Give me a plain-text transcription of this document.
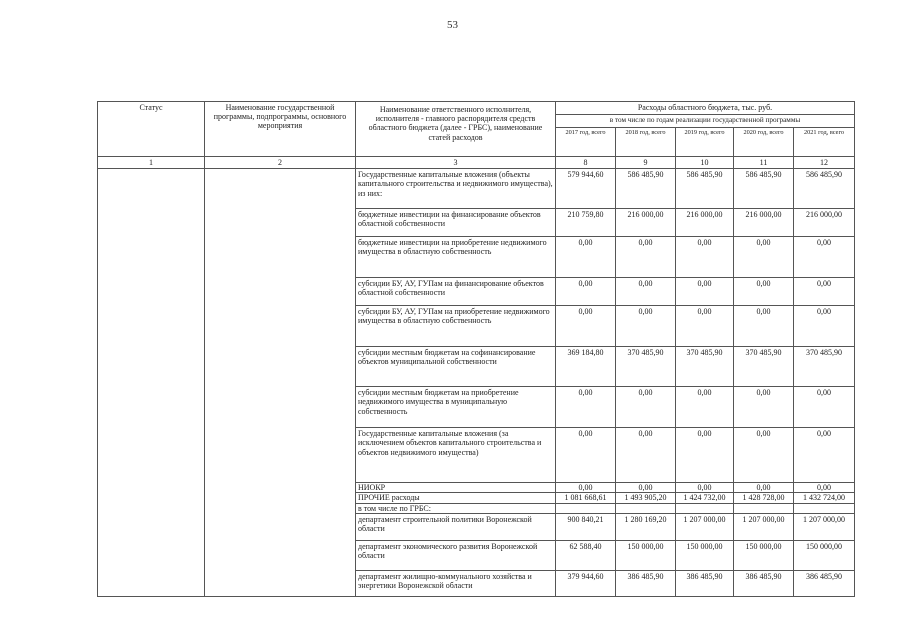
53
Статус	Наименование государственной программы, подпрограммы, основного мероприятия	Наименование ответственного исполнителя, исполнителя - главного распорядителя средств областного бюджета (далее - ГРБС), наименование статей расходов	Расходы областного бюджета, тыс. руб.				
			в том числе по годам реализации государственной программы				
			2017 год, всего	2018 год, всего	2019 год, всего	2020 год, всего	2021 год, всего
1	2	3	8	9	10	11	12
		Государственные капитальные вложения (объекты капитального строительства и недвижимого имущества), из них:	579 944,60	586 485,90	586 485,90	586 485,90	586 485,90
		бюджетные инвестиции на финансирование объектов областной собственности	210 759,80	216 000,00	216 000,00	216 000,00	216 000,00
		бюджетные инвестиции на приобретение недвижимого имущества в областную собственность	0,00	0,00	0,00	0,00	0,00
		субсидии БУ, АУ, ГУПам на финансирование объектов областной собственности	0,00	0,00	0,00	0,00	0,00
		субсидии БУ, АУ, ГУПам на приобретение недвижимого имущества в областную собственность	0,00	0,00	0,00	0,00	0,00
		субсидии местным бюджетам на софинансирование объектов муниципальной собственности	369 184,80	370 485,90	370 485,90	370 485,90	370 485,90
		субсидии местным бюджетам на приобретение недвижимого имущества в муниципальную собственность	0,00	0,00	0,00	0,00	0,00
		Государственные капитальные вложения (за исключением объектов капитального строительства и объектов недвижимого имущества)	0,00	0,00	0,00	0,00	0,00
		НИОКР	0,00	0,00	0,00	0,00	0,00
		ПРОЧИЕ расходы	1 081 668,61	1 493 905,20	1 424 732,00	1 428 728,00	1 432 724,00
		в том числе по ГРБС:					
		департамент строительной политики Воронежской области	900 840,21	1 280 169,20	1 207 000,00	1 207 000,00	1 207 000,00
		департамент экономического развития Воронежской области	62 588,40	150 000,00	150 000,00	150 000,00	150 000,00
		департамент жилищно-коммунального хозяйства и энергетики Воронежской области	379 944,60	386 485,90	386 485,90	386 485,90	386 485,90
